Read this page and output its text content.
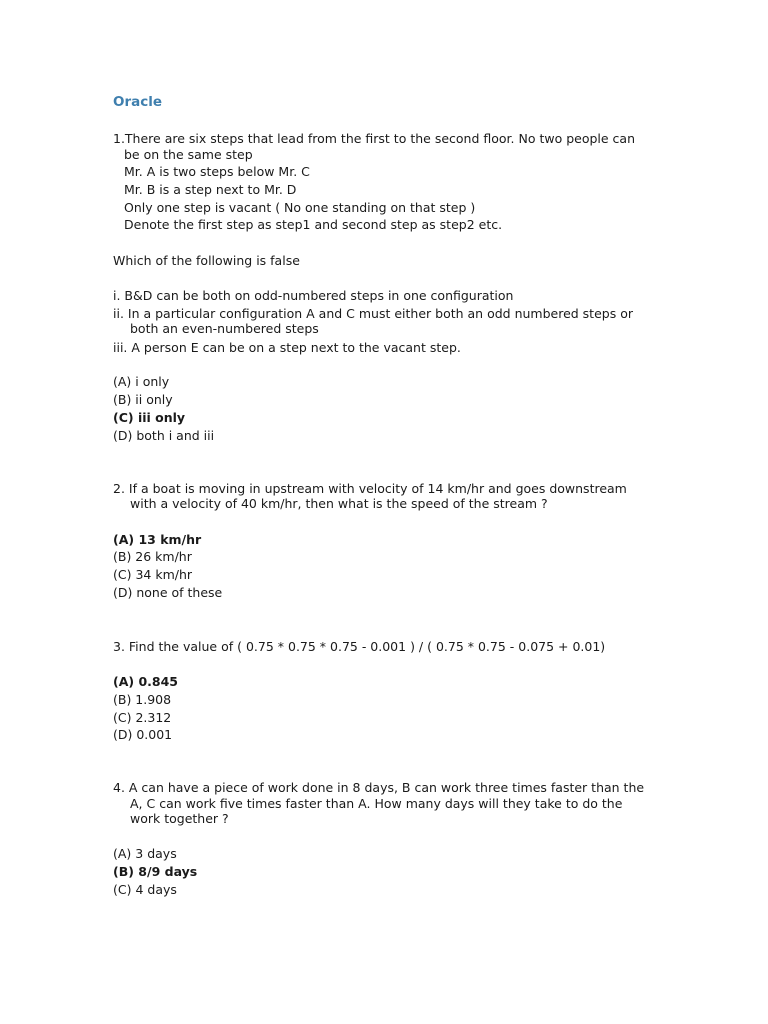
Oracle
1.There are six steps that lead from the first to the second floor. No two people can
be on the same step
Mr. A is two steps below Mr. C
Mr. B is a step next to Mr. D
Only one step is vacant ( No one standing on that step )
Denote the first step as step1 and second step as step2 etc.
Which of the following is false
i. B&D can be both on odd-numbered steps in one configuration
ii. In a particular configuration A and C must either both an odd numbered steps or
both an even-numbered steps
iii. A person E can be on a step next to the vacant step.
(A) i only
(B) ii only
(C) iii only
(D) both i and iii
2. If a boat is moving in upstream with velocity of 14 km/hr and goes downstream
with a velocity of 40 km/hr, then what is the speed of the stream ?
(A) 13 km/hr
(B) 26 km/hr
(C) 34 km/hr
(D) none of these
3. Find the value of ( 0.75 * 0.75 * 0.75 - 0.001 ) / ( 0.75 * 0.75 - 0.075 + 0.01)
(A) 0.845
(B) 1.908
(C) 2.312
(D) 0.001
4. A can have a piece of work done in 8 days, B can work three times faster than the
A, C can work five times faster than A. How many days will they take to do the
work together ?
(A) 3 days
(B) 8/9 days
(C) 4 days
